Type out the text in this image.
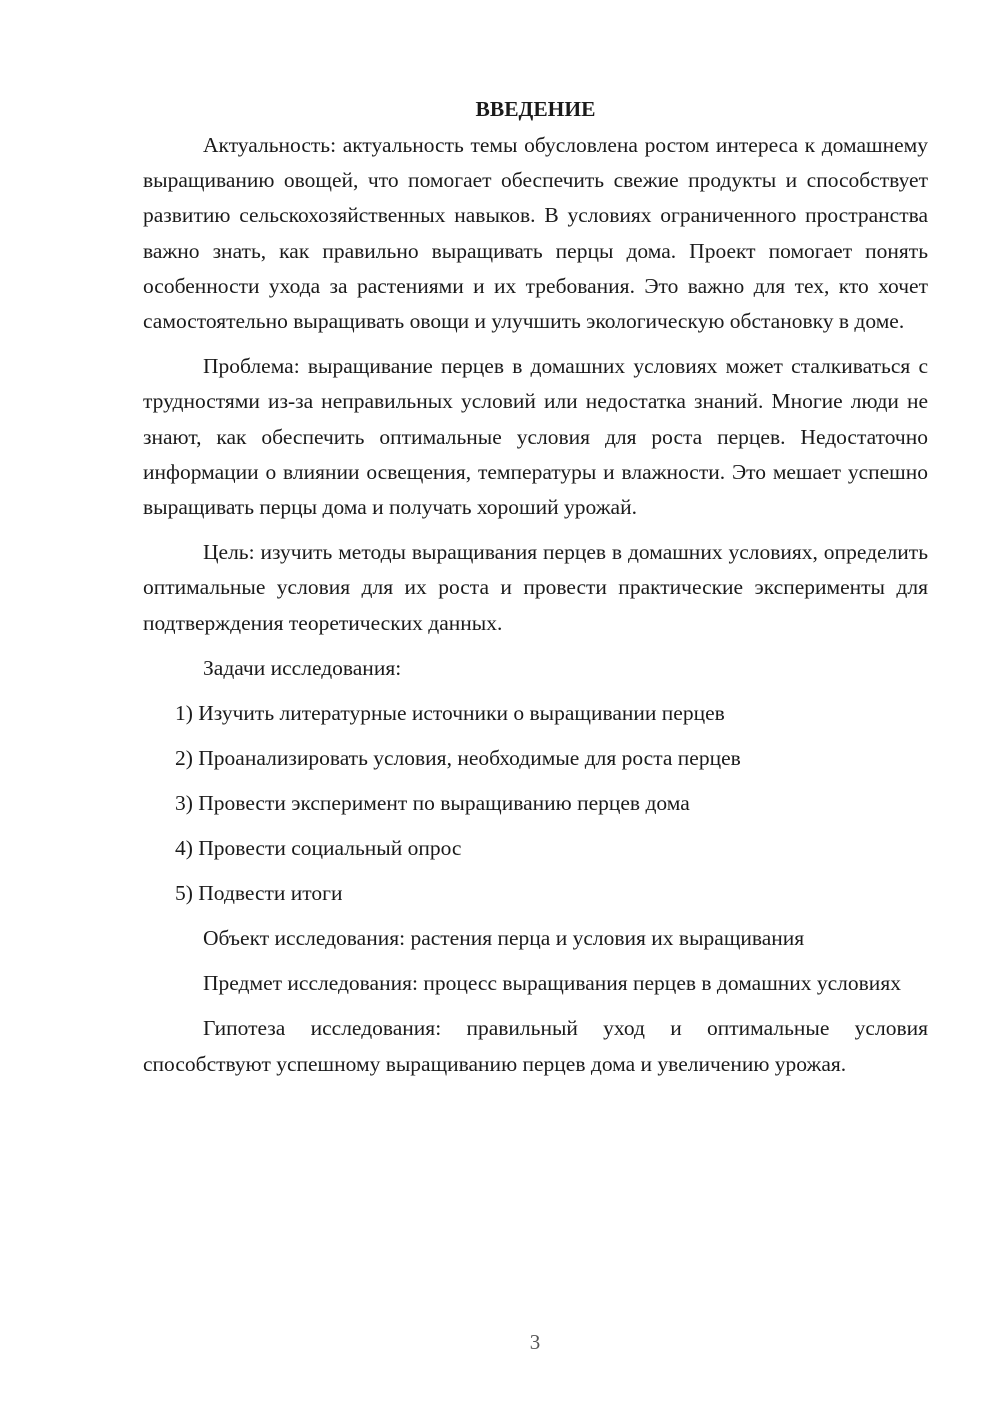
ВВЕДЕНИЕ

Актуальность: актуальность темы обусловлена ростом интереса к домашнему выращиванию овощей, что помогает обеспечить свежие продукты и способствует развитию сельскохозяйственных навыков. В условиях ограниченного пространства важно знать, как правильно выращивать перцы дома. Проект помогает понять особенности ухода за растениями и их требования. Это важно для тех, кто хочет самостоятельно выращивать овощи и улучшить экологическую обстановку в доме.

Проблема: выращивание перцев в домашних условиях может сталкиваться с трудностями из-за неправильных условий или недостатка знаний. Многие люди не знают, как обеспечить оптимальные условия для роста перцев. Недостаточно информации о влиянии освещения, температуры и влажности. Это мешает успешно выращивать перцы дома и получать хороший урожай.

Цель: изучить методы выращивания перцев в домашних условиях, определить оптимальные условия для их роста и провести практические эксперименты для подтверждения теоретических данных.

Задачи исследования:

1) Изучить литературные источники о выращивании перцев
2) Проанализировать условия, необходимые для роста перцев
3) Провести эксперимент по выращиванию перцев дома
4) Провести социальный опрос
5) Подвести итоги

Объект исследования: растения перца и условия их выращивания

Предмет исследования: процесс выращивания перцев в домашних условиях

Гипотеза исследования: правильный уход и оптимальные условия способствуют успешному выращиванию перцев дома и увеличению урожая.

3
